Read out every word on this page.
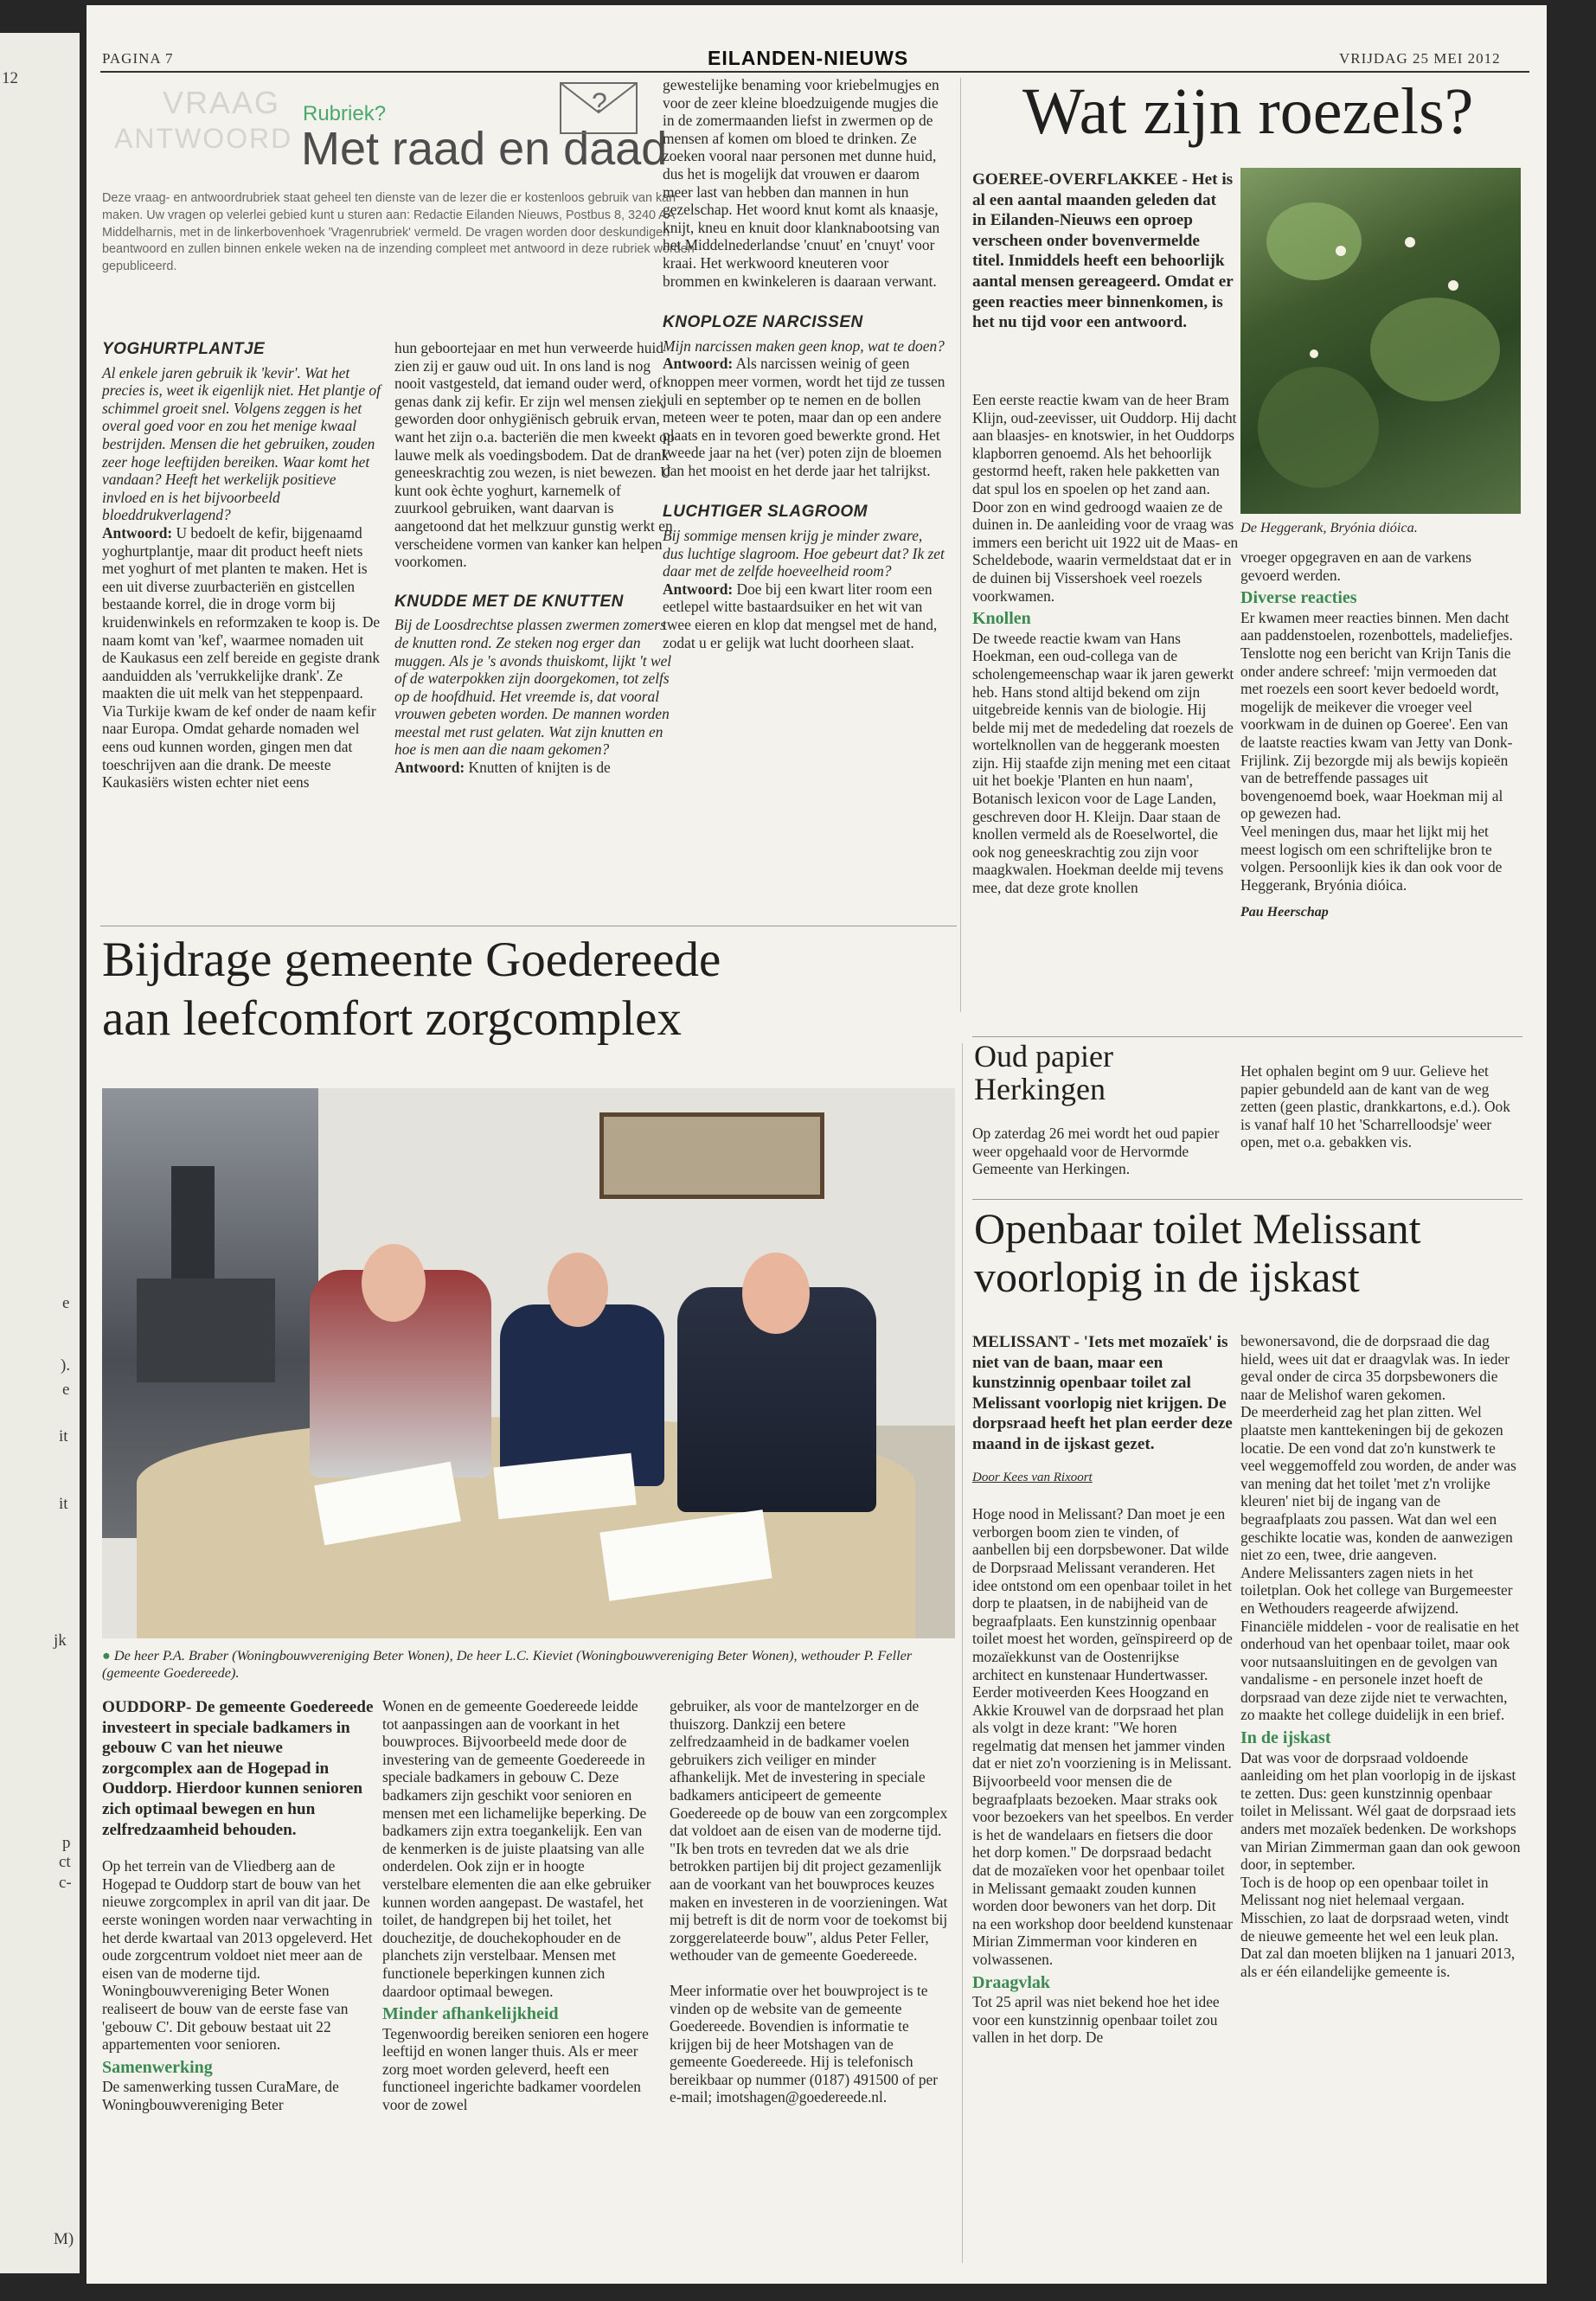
12
e
).
e
it
it
jk
p
ct
c-
M)
PAGINA 7	EILANDEN-NIEUWS	VRIJDAG 25 MEI 2012
VRAAG
ANTWOORD
Rubriek?
Met raad en daad
?
Deze vraag- en antwoordrubriek staat geheel ten dienste van de lezer die er kostenloos gebruik van kan maken. Uw vragen op velerlei gebied kunt u sturen aan: Redactie Eilanden Nieuws, Postbus 8, 3240 AA Middelharnis, met in de linkerbovenhoek 'Vragenrubriek' vermeld. De vragen worden door deskundigen beantwoord en zullen binnen enkele weken na de inzending compleet met antwoord in deze rubriek worden gepubliceerd.
YOGHURTPLANTJE

Al enkele jaren gebruik ik 'kevir'. Wat het precies is, weet ik eigenlijk niet. Het plantje of schimmel groeit snel. Volgens zeggen is het overal goed voor en zou het menige kwaal bestrijden. Mensen die het gebruiken, zouden zeer hoge leeftijden bereiken. Waar komt het vandaan? Heeft het werkelijk positieve invloed en is het bijvoorbeeld bloeddrukverlagend?

Antwoord: U bedoelt de kefir, bijgenaamd yoghurtplantje, maar dit product heeft niets met yoghurt of met planten te maken. Het is een uit diverse zuurbacteriën en gistcellen bestaande korrel, die in droge vorm bij kruidenwinkels en reformzaken te koop is. De naam komt van 'kef', waarmee nomaden uit de Kaukasus een zelf bereide en gegiste drank aanduidden als 'verrukkelijke drank'. Ze maakten die uit melk van het steppenpaard. Via Turkije kwam de kef onder de naam kefir naar Europa. Omdat geharde nomaden wel eens oud kunnen worden, gingen men dat toeschrijven aan die drank. De meeste Kaukasiërs wisten echter niet eens

hun geboortejaar en met hun verweerde huid zien zij er gauw oud uit. In ons land is nog nooit vastgesteld, dat iemand ouder werd, of genas dank zij kefir. Er zijn wel mensen ziek geworden door onhygiënisch gebruik ervan, want het zijn o.a. bacteriën die men kweekt op lauwe melk als voedingsbodem. Dat de drank geneeskrachtig zou wezen, is niet bewezen. U kunt ook èchte yoghurt, karnemelk of zuurkool gebruiken, want daarvan is aangetoond dat het melkzuur gunstig werkt en verscheidene vormen van kanker kan helpen voorkomen.

KNUDDE MET DE KNUTTEN

Bij de Loosdrechtse plassen zwermen zomers de knutten rond. Ze steken nog erger dan muggen. Als je 's avonds thuiskomt, lijkt 't wel of de waterpokken zijn doorgekomen, tot zelfs op de hoofdhuid. Het vreemde is, dat vooral vrouwen gebeten worden. De mannen worden meestal met rust gelaten. Wat zijn knutten en hoe is men aan die naam gekomen?

Antwoord: Knutten of knijten is de

gewestelijke benaming voor kriebelmugjes en voor de zeer kleine bloedzuigende mugjes die in de zomermaanden liefst in zwermen op de mensen af komen om bloed te drinken. Ze zoeken vooral naar personen met dunne huid, dus het is mogelijk dat vrouwen er daarom meer last van hebben dan mannen in hun gezelschap. Het woord knut komt als knaasje, knijt, kneu en knuit door klanknabootsing van het Middelnederlandse 'cnuut' en 'cnuyt' voor kraai. Het werkwoord kneuteren voor brommen en kwinkeleren is daaraan verwant.

KNOPLOZE NARCISSEN

Mijn narcissen maken geen knop, wat te doen?

Antwoord: Als narcissen weinig of geen knoppen meer vormen, wordt het tijd ze tussen juli en september op te nemen en de bollen meteen weer te poten, maar dan op een andere plaats en in tevoren goed bewerkte grond. Het tweede jaar na het (ver) poten zijn de bloemen dan het mooist en het derde jaar het talrijkst.

LUCHTIGER SLAGROOM

Bij sommige mensen krijg je minder zware, dus luchtige slagroom. Hoe gebeurt dat? Ik zet daar met de zelfde hoeveelheid room?

Antwoord: Doe bij een kwart liter room een eetlepel witte bastaardsuiker en het wit van twee eieren en klop dat mengsel met de hand, zodat u er gelijk wat lucht doorheen slaat.

Wat zijn roezels?
GOEREE-OVERFLAKKEE - Het is al een aantal maanden geleden dat in Eilanden-Nieuws een oproep verscheen onder bovenvermelde titel. Inmiddels heeft een behoorlijk aantal mensen gereageerd. Omdat er geen reacties meer binnenkomen, is het nu tijd voor een antwoord.
De Heggerank, Bryónia dióica.

Een eerste reactie kwam van de heer Bram Klijn, oud-zeevisser, uit Ouddorp. Hij dacht aan blaasjes- en knotswier, in het Ouddorps klapborren genoemd. Als het behoorlijk gestormd heeft, raken hele pakketten van dat spul los en spoelen op het zand aan. Door zon en wind gedroogd waaien ze de duinen in. De aanleiding voor de vraag was immers een bericht uit 1922 uit de Maas- en Scheldebode, waarin vermeldstaat dat er in de duinen bij Vissershoek veel roezels voorkwamen.

Knollen

De tweede reactie kwam van Hans Hoekman, een oud-collega van de scholengemeenschap waar ik jaren gewerkt heb. Hans stond altijd bekend om zijn uitgebreide kennis van de biologie. Hij belde mij met de mededeling dat roezels de wortelknollen van de heggerank moesten zijn. Hij staafde zijn mening met een citaat uit het boekje 'Planten en hun naam', Botanisch lexicon voor de Lage Landen, geschreven door H. Kleijn. Daar staan de knollen vermeld als de Roeselwortel, die ook nog geneeskrachtig zou zijn voor maagkwalen. Hoekman deelde mij tevens mee, dat deze grote knollen

vroeger opgegraven en aan de varkens gevoerd werden.

Diverse reacties

Er kwamen meer reacties binnen. Men dacht aan paddenstoelen, rozenbottels, madeliefjes. Tenslotte nog een bericht van Krijn Tanis die onder andere schreef: 'mijn vermoeden dat met roezels een soort kever bedoeld wordt, mogelijk de meikever die vroeger veel voorkwam in de duinen op Goeree'. Een van de laatste reacties kwam van Jetty van Donk- Frijlink. Zij bezorgde mij als bewijs kopieën van de betreffende passages uit bovengenoemd boek, waar Hoekman mij al op gewezen had.

Veel meningen dus, maar het lijkt mij het meest logisch om een schriftelijke bron te volgen. Persoonlijk kies ik dan ook voor de Heggerank, Bryónia dióica.

Pau Heerschap
Oud papier
Herkingen
Op zaterdag 26 mei wordt het oud papier weer opgehaald voor de Hervormde Gemeente van Herkingen.
Het ophalen begint om 9 uur. Gelieve het papier gebundeld aan de kant van de weg zetten (geen plastic, drankkartons, e.d.). Ook is vanaf half 10 het 'Scharrelloodsje' weer open, met o.a. gebakken vis.
Openbaar toilet Melissant
voorlopig in de ijskast

MELISSANT - 'Iets met mozaïek' is niet van de baan, maar een kunstzinnig openbaar toilet zal Melissant voorlopig niet krijgen. De dorpsraad heeft het plan eerder deze maand in de ijskast gezet.

Door Kees van Rixoort

Hoge nood in Melissant? Dan moet je een verborgen boom zien te vinden, of aanbellen bij een dorpsbewoner. Dat wilde de Dorpsraad Melissant veranderen. Het idee ontstond om een openbaar toilet in het dorp te plaatsen, in de nabijheid van de begraafplaats. Een kunstzinnig openbaar toilet moest het worden, geïnspireerd op de mozaïekkunst van de Oostenrijkse architect en kunstenaar Hundertwasser.

Eerder motiveerden Kees Hoogzand en Akkie Krouwel van de dorpsraad het plan als volgt in deze krant: "We horen regelmatig dat mensen het jammer vinden dat er niet zo'n voorziening is in Melissant. Bijvoorbeeld voor mensen die de begraafplaats bezoeken. Maar straks ook voor bezoekers van het speelbos. En verder is het de wandelaars en fietsers die door het dorp komen." De dorpsraad bedacht dat de mozaïeken voor het openbaar toilet in Melissant gemaakt zouden kunnen worden door bewoners van het dorp. Dit na een workshop door beeldend kunstenaar Mirian Zimmerman voor kinderen en volwassenen.

Draagvlak

Tot 25 april was niet bekend hoe het idee voor een kunstzinnig openbaar toilet zou vallen in het dorp. De

bewonersavond, die de dorpsraad die dag hield, wees uit dat er draagvlak was. In ieder geval onder de circa 35 dorpsbewoners die naar de Melishof waren gekomen.

De meerderheid zag het plan zitten. Wel plaatste men kanttekeningen bij de gekozen locatie. De een vond dat zo'n kunstwerk te veel weggemoffeld zou worden, de ander was van mening dat het toilet 'met z'n vrolijke kleuren' niet bij de ingang van de begraafplaats zou passen. Wat dan wel een geschikte locatie was, konden de aanwezigen niet zo een, twee, drie aangeven.

Andere Melissanters zagen niets in het toiletplan. Ook het college van Burgemeester en Wethouders reageerde afwijzend. Financiële middelen - voor de realisatie en het onderhoud van het openbaar toilet, maar ook voor nutsaansluitingen en de gevolgen van vandalisme - en personele inzet hoeft de dorpsraad van deze zijde niet te verwachten, zo maakte het college duidelijk in een brief.

In de ijskast

Dat was voor de dorpsraad voldoende aanleiding om het plan voorlopig in de ijskast te zetten. Dus: geen kunstzinnig openbaar toilet in Melissant. Wél gaat de dorpsraad iets anders met mozaïek bedenken. De workshops van Mirian Zimmerman gaan dan ook gewoon door, in september.

Toch is de hoop op een openbaar toilet in Melissant nog niet helemaal vergaan. Misschien, zo laat de dorpsraad weten, vindt de nieuwe gemeente het wel een leuk plan. Dat zal dan moeten blijken na 1 januari 2013, als er één eilandelijke gemeente is.

Bijdrage gemeente Goedereede
aan leefcomfort zorgcomplex
● De heer P.A. Braber (Woningbouwvereniging Beter Wonen), De heer L.C. Kieviet (Woningbouwvereniging Beter Wonen), wethouder P. Feller (gemeente Goedereede).

OUDDORP- De gemeente Goedereede investeert in speciale badkamers in gebouw C van het nieuwe zorgcomplex aan de Hogepad in Ouddorp. Hierdoor kunnen senioren zich optimaal bewegen en hun zelfredzaamheid behouden.

Op het terrein van de Vliedberg aan de Hogepad te Ouddorp start de bouw van het nieuwe zorgcomplex in april van dit jaar. De eerste woningen worden naar verwachting in het derde kwartaal van 2013 opgeleverd. Het oude zorgcentrum voldoet niet meer aan de eisen van de moderne tijd. Woningbouwvereniging Beter Wonen realiseert de bouw van de eerste fase van 'gebouw C'. Dit gebouw bestaat uit 22 appartementen voor senioren.

Samenwerking

De samenwerking tussen CuraMare, de Woningbouwvereniging Beter

Wonen en de gemeente Goedereede leidde tot aanpassingen aan de voorkant in het bouwproces. Bijvoorbeeld mede door de investering van de gemeente Goedereede in speciale badkamers in gebouw C. Deze badkamers zijn geschikt voor senioren en mensen met een lichamelijke beperking. De badkamers zijn extra toegankelijk. Een van de kenmerken is de juiste plaatsing van alle onderdelen. Ook zijn er in hoogte verstelbare elementen die aan elke gebruiker kunnen worden aangepast. De wastafel, het toilet, de handgrepen bij het toilet, het douchezitje, de douchekophouder en de planchets zijn verstelbaar. Mensen met functionele beperkingen kunnen zich daardoor optimaal bewegen.

Minder afhankelijkheid

Tegenwoordig bereiken senioren een hogere leeftijd en wonen langer thuis. Als er meer zorg moet worden geleverd, heeft een functioneel ingerichte badkamer voordelen voor de zowel

gebruiker, als voor de mantelzorger en de thuiszorg. Dankzij een betere zelfredzaamheid in de badkamer voelen gebruikers zich veiliger en minder afhankelijk. Met de investering in speciale badkamers anticipeert de gemeente Goedereede op de bouw van een zorgcomplex dat voldoet aan de eisen van de moderne tijd.

"Ik ben trots en tevreden dat we als drie betrokken partijen bij dit project gezamenlijk aan de voorkant van het bouwproces keuzes maken en investeren in de voorzieningen. Wat mij betreft is dit de norm voor de toekomst bij zorggerelateerde bouw", aldus Peter Feller, wethouder van de gemeente Goedereede.

Meer informatie over het bouwproject is te vinden op de website van de gemeente Goedereede. Bovendien is informatie te krijgen bij de heer Motshagen van de gemeente Goedereede. Hij is telefonisch bereikbaar op nummer (0187) 491500 of per e-mail; imotshagen@goedereede.nl.
